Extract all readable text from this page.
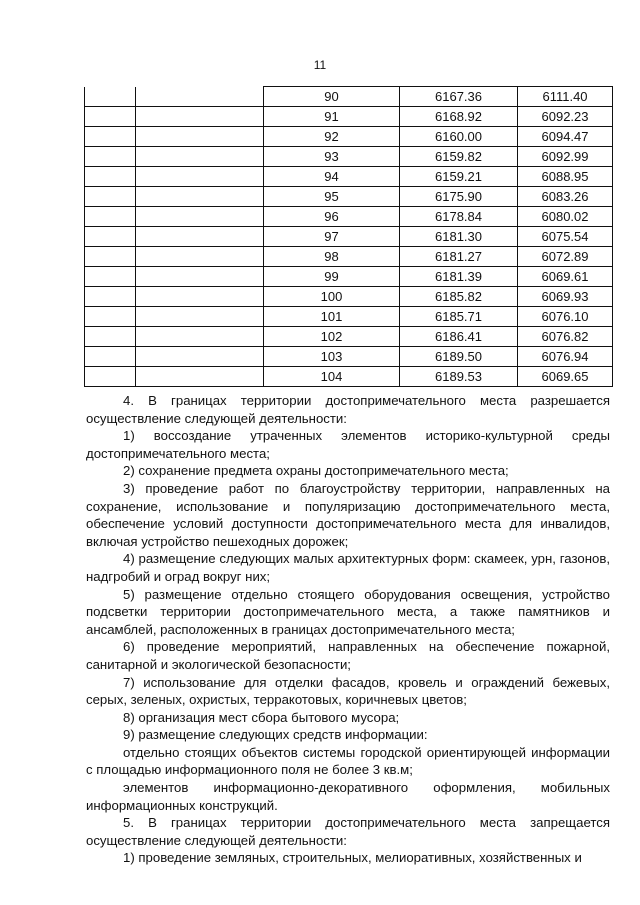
11
		90	6167.36	6111.40
		91	6168.92	6092.23
		92	6160.00	6094.47
		93	6159.82	6092.99
		94	6159.21	6088.95
		95	6175.90	6083.26
		96	6178.84	6080.02
		97	6181.30	6075.54
		98	6181.27	6072.89
		99	6181.39	6069.61
		100	6185.82	6069.93
		101	6185.71	6076.10
		102	6186.41	6076.82
		103	6189.50	6076.94
		104	6189.53	6069.65

4. В границах территории достопримечательного места разрешается осуществление следующей деятельности:

1) воссоздание утраченных элементов историко-культурной среды достопримечательного места;

2) сохранение предмета охраны достопримечательного места;

3) проведение работ по благоустройству территории, направленных на сохранение, использование и популяризацию достопримечательного места, обеспечение условий доступности достопримечательного места для инвалидов, включая устройство пешеходных дорожек;

4) размещение следующих малых архитектурных форм: скамеек, урн, газонов, надгробий и оград вокруг них;

5) размещение отдельно стоящего оборудования освещения, устройство подсветки территории достопримечательного места, а также памятников и ансамблей, расположенных в границах достопримечательного места;

6) проведение мероприятий, направленных на обеспечение пожарной, санитарной и экологической безопасности;

7) использование для отделки фасадов, кровель и ограждений бежевых, серых, зеленых, охристых, терракотовых, коричневых цветов;

8) организация мест сбора бытового мусора;

9) размещение следующих средств информации:

отдельно стоящих объектов системы городской ориентирующей информации с площадью информационного поля не более 3 кв.м;

элементов информационно-декоративного оформления, мобильных информационных конструкций.

5. В границах территории достопримечательного места запрещается осуществление следующей деятельности:

1) проведение земляных, строительных, мелиоративных, хозяйственных и
